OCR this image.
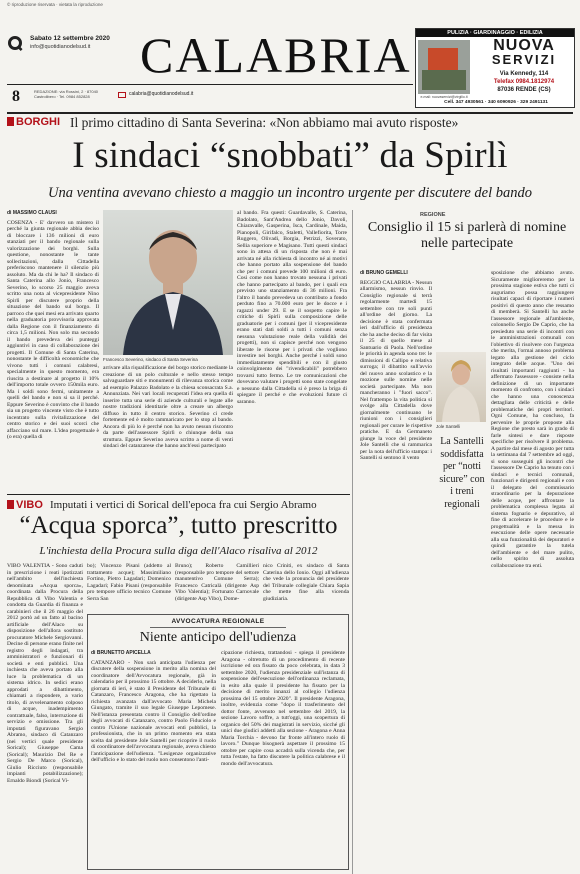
© riproduzione riservata · vietata la riproduzione
Sabato 12 settembre 2020
info@quotidianodelsud.it CALABRIA
8	REDAZIONE: via Rossini, 2 · 87040 Castrolibero · Tel. 0984 852828	calabria@quotidianodelsud.it
PULIZIA · GIARDINAGGIO · EDILIZIA
e-mail: nuovaservizi@virgilio.it
NUOVA
SERVIZI
Via Kennedy, 114
Telefax 0984.1812974
87036 RENDE (CS)
Cell. 347 4930561 · 340 6090926 · 329 2491131
BORGHI Il primo cittadino di Santa Severina: «Non abbiamo mai avuto risposte»
I sindaci “snobbati” da Spirlì
Una ventina avevano chiesto a maggio un incontro urgente per discutere del bando
di MASSIMO CLAUSI

COSENZA - E' davvero un mistero il perché la giunta regionale abbia deciso di bloccare i 136 milioni di euro stanziati per il bando regionale sulla valorizzazione dei borghi. Sulla questione, nonostante le tante sollecitazioni, dalla Cittadella preferiscono mantenere il silenzio più assoluto. Ma da chi le ha? Il sindaco di Santa Caterina allo Jonio, Francesco Severino, lo scorso 25 maggio aveva scritto una nota al vicepresidente Nino Spirlì per discutere proprio della situazione del bando sul borgo. Il parroco che quei mesi era arrivato quarto nella graduatoria provvisoria approvata dalla Regione con il finanziamento di circa 1,5 milioni. Non solo ma secondo il bando prevedeva dei punteggi aggiuntivi in caso di collaborazione dei progetti. Il Comune di Santa Caterina, nonostante le difficoltà economiche che vivono tutti i comuni calabresi, specialmente in questo momento, era riuscita a destinare al progetto il 10% dell'importo totale ovvero 150mila euro. Ma i soldi sono fermi, unitamente a quelli del bando e non si sa il perché. Eppure Severino è convinto che il bando sia un progetto vincente visto che è tutto incentrato sulla rivitalizzazione del centro storico e dei suoi scorci che affacciano sul mare. L'idea progettuale è (o era) quella di

Francesco Severino, sindaco di Santa Severina

arrivare alla riqualificazione del borgo storico mediante la creazione di un polo culturale e nello stesso tempo salvaguardare siti e monumenti di rilevanza storica come ad esempio Palazzo Badolato e la chiesa sconsacrata S.a. Annunziata. Nei vari locali recuperati l'idea era quella di inserire tutta una serie di aziende culturali e legate alle nostre tradizioni identitarie oltre a creare un albergo diffuso in tutto il centro storico. Severino ci crede fortemente ed è molto rammaricato per lo stop al bando. Ancora di più lo è perché non ha avuto nessun riscontro da parte dell'assessore Spirlì o chiunque della sua struttura. Eppure Severino aveva scritto a nome di venti sindaci del catanzarese che hanno anch'essi partecipato

al bando. Fra questi: Guardavalle, S. Caterina, Badolato, Sant'Andrea dello Jonio, Davoli, Chiaravalle, Gasperina, Isca, Cardinale, Maida, Pianopoli, Girifalco, Staletti, Vallefiorita, Torre Ruggero, Olivadi, Borgia, Petrizzi, Soverato, Sellia superiore e Magisano. Tutti questi sindaci sono in attesa di un risposta che non è mai arrivata né alla richiesta di incontro né ai motivi che hanno portato alla sospensione del bando che per i comuni prevede 100 milioni di euro. Così come non hanno trovato nessuna i privati che hanno partecipato al bando, per i quali era previsto uno stanziamento di 36 milioni. Fra l'altro il bando prevedeva un contributo a fondo perduto fino a 70.000 euro per le docce e i ragazzi under 29. E se il sospetto capire le critiche di Spirlì sulla composizione delle graduatorie per i comuni (per il vicepresidente erano stati dati soldi a tutti i comuni senza nessuna valutazione reale della validità dei progetti), non si capisce perché non vengono liberate le risorse per i privati che vogliono investire nei borghi. Anche perché i soldi sono immediatamente spendibili e con il giusto coinvolgimento dei "rivendicabili" potrebbero trovarsi tutto fermo. Le tre comunicazioni che dovevano valutare i progetti sono state congelate e nessuno dalla Cittadella si è preso la briga di spiegare il perché e che evoluzioni future ci saranno.

REGIONE
Consiglio il 15 si parlerà di nomine nelle partecipate
di BRUNO GEMELLI

REGGIO CALABRIA - Nessun allarmismo, nessun rinvio. Il Consiglio regionale si terrà regolarmente martedì 15 settembre con tre soli punti all'ordine del giorno. La decisione è stata confermata ieri dall'ufficio di presidenza che ha anche deciso di far visita il 25 di quello mese al Santuario di Paola. Nell'ordine le priorità in agenda sono tre: le dimissioni di Callipo e relativa surroga; il dibattito sull'avvio del nuovo anno scolastico e la mozione sulle nomine nelle società partecipate. Ma non mancheranno i "fuori sacco". Nel frattempo la vita politica si svolge alla Cittadella dove giornalmente continuano le riunioni con i consiglieri regionali per curare le rispettive pratiche. E da Germaneto giunge la voce del presidente Jole Santelli che si rammarica per la nota dell'ufficio stampa: i Santelli si sentono il vento

Jole Santelli
La Santelli soddisfatta per “notti sicure” con i treni regionali

sposizione che abbiamo avuto. Sicuramente miglioreremo per la prossima stagione estiva che tutti ci auguriamo possa raggiungere risultati capaci di riportare i numeri positivi di questo anno che ressamo di memberà. Si Santelli ha anche l'assessore regionale all'ambiente, colonnello Sergio De Caprio, che ha presieduto una serie di incontri con le amministrazioni comunali con l'obiettivo di risolvere con l'urgenza che merita, l'ormai annoso problema legato alla gestione del ciclo integrato delle acque. "Uno dei risultati importanti raggiunti - ha affermato l'assessore - consiste nella definizione di un importante momento di confronto, con i sindaci che hanno una conoscenza dettagliata delle criticità e delle problematiche dei propri territori. Ogni Comune, ha concluso, fa pervenire le proprie proposte alla Regione che presto sarà in grado di farle sintesi e dare risposte specifiche per risolvere il problema. A partire dal mese di agosto per tutta la settimana dal 7 settembre ad oggi, si sono susseguiti gli incontri che l'assessore De Caprio ha tenuto con i sindaci e tecnici comunali, funzionari e dirigenti regionali e con il delegato del commissario straordinario per la depurazione delle acque, per affrontare la problematica complessa legata al sistema fognario e depurativo, al fine di accelerare le procedure e le progettualità e la messa in esecuzione delle opere necessarie alla sua funzionalità dei depuratori e quindi garantire la tutela dell'ambiente e del mare pulito, nello spirito di assoluta collaborazione tra enti.

VIBO Imputati i vertici di Sorical dell'epoca fra cui Sergio Abramo
“Acqua sporca”, tutto prescritto
L'inchiesta della Procura sulla diga dell'Alaco risaliva al 2012

VIBO VALENTIA - Sono caduti in prescrizione i reati ipotizzati nell'ambito dell'inchiesta denominata «Acqua sporca», coordinata dalla Procura della Repubblica di Vibo Valentia e condotta da Guardia di finanza e carabinieri che il 26 maggio del 2012 portò ad un fatto al bacino artificiale dell'Alaco su disposizione dell'allora sostituto procuratore Michele Sergiovanni. Decine di persone erano finite nel registro degli indagati, tra amministratori e funzionari di società e enti pubblici. Una inchiesta che aveva portato alla luce la problematica di un sistema idrico. In sedici erano approdati a dibattimento, chiamati a rispondere, a vario titolo, di avvelenamento colposo di acque, inadempimento contrattuale, falso, interruzione di servizio e omissione. Tra gli imputati figuravano Sergio Abramo, sindaco di Catanzaro (nei vertici quale presidente Sorical); Giuseppe Cama (Sorical); Maurizio Del Re e Sergio De Marco (Sorical), Giulio Ricciuto (responsabile impianti potabilizzazione); Ernaldo Biondi (Sorical Vi-

bo); Vincenzo Pisani (addetto al trattamento acque); Massimiliano Fortino, Pietro Lagadari; Domenico Lagadari; Fabio Pisani (responsabile pro tempore ufficio tecnico Comune Serra San

Bruno); Roberto Camillieri (responsabile pro tempore del settore manutentivo Comune Serra); Francesco Catricalà (dirigente Asp Vibo Valentia); Fortunato Carnovale (dirigente Asp Vibo), Dome-

nico Criniti, ex sindaco di Santa Caterina dello Ionio. Oggi all'udienza che vede la pronuncia del presidente del Tribunale collegiale Chiara Sapia che mette fine alla vicenda giudiziaria.

AVVOCATURA REGIONALE
Niente anticipo dell'udienza
di BRUNETTO APICELLA

CATANZARO - Non sarà anticipata l'udienza per discutere della sospensione in merito alla nomina del coordinatore dell'Avvocatura regionale, già in calendario per il prossimo 15 ottobre. A deciderlo, nella giornata di ieri, è stato il Presidente del Tribunale di Catanzaro, Francesco Aragona, che ha rigettato la richiesta avanzata dall'avvocato Maria Michela Giungato, tramite il suo legale Giuseppe Lepomese. Nell'istanza presentata contro il Consiglio dell'ordine degli avvocati di Catanzaro, contro Paolo Fiduciolo e contro l'Unione nazionale avvocati enti pubblici, la professionista, che in un primo momento era stata scelta dal presidente Jole Santelli per ricoprire il ruolo di coordinatore dell'avvocatura regionale, aveva chiesto l'anticipazione dell'udienza. "Lesigenze organizzative dell'ufficio e lo stato del ruolo non consentono l'anti-

cipazione richiesta, trattandosi - spiega il presidente Aragona - oltretutto di un procedimento di recente iscrizione ed ora fissato da poco celebrata, in data 3 settembre 2020, l'udienza presidenziale sull'istanza di sospensione dell'esecuzione dell'ordinanza reclamata, in esito alla quale il presidente ha fissato per la decisione di merito innanzi al collegio l'udienza prossima del 15 ottobre 2020". Il presidente Aragona, inoltre, evidenzia come "dopo il trasferimento del dottor fonte, avvenuto nel settembre del 2019, la sezione Lavoro soffre, a tutt'oggi, una scopertura di organico del 50% dei magistrati in servizio, sicché gli unici due giudici addetti alla sezione - Aragona e Anna Maria Torchia - devono far fronte all'intero ruolo di lavoro." Dunque bisognerà aspettare il prossimo 15 ottobre per capire cosa accadrà sulla vicenda che, per tutta l'estate, ha fatto discutere la politica calabrese e il mondo dell'avvocatura.
